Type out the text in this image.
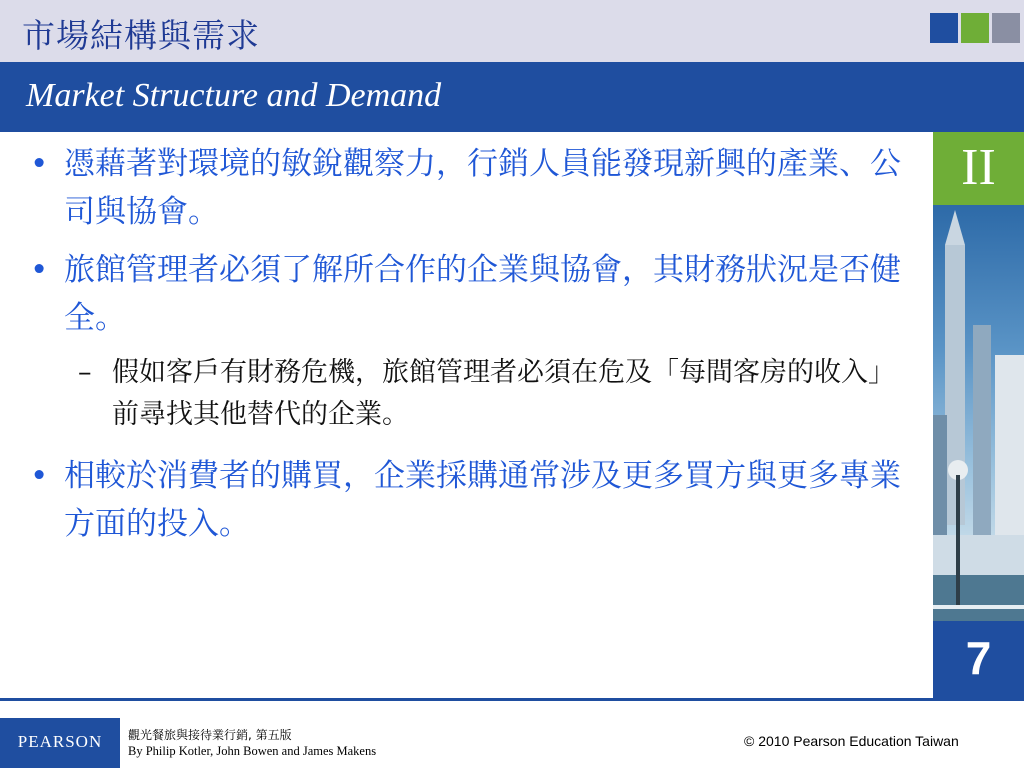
市場結構與需求
Market Structure and Demand
II
7
• 憑藉著對環境的敏銳觀察力，行銷人員能發現新興的產業、公司與協會。
• 旅館管理者必須了解所合作的企業與協會，其財務狀況是否健全。
– 假如客戶有財務危機，旅館管理者必須在危及「每間客房的收入」 前尋找其他替代的企業。
• 相較於消費者的購買，企業採購通常涉及更多買方與更多專業方面的投入。
PEARSON	觀光餐旅與接待業行銷, 第五版
By Philip Kotler, John Bowen and James Makens
© 2010 Pearson Education Taiwan
